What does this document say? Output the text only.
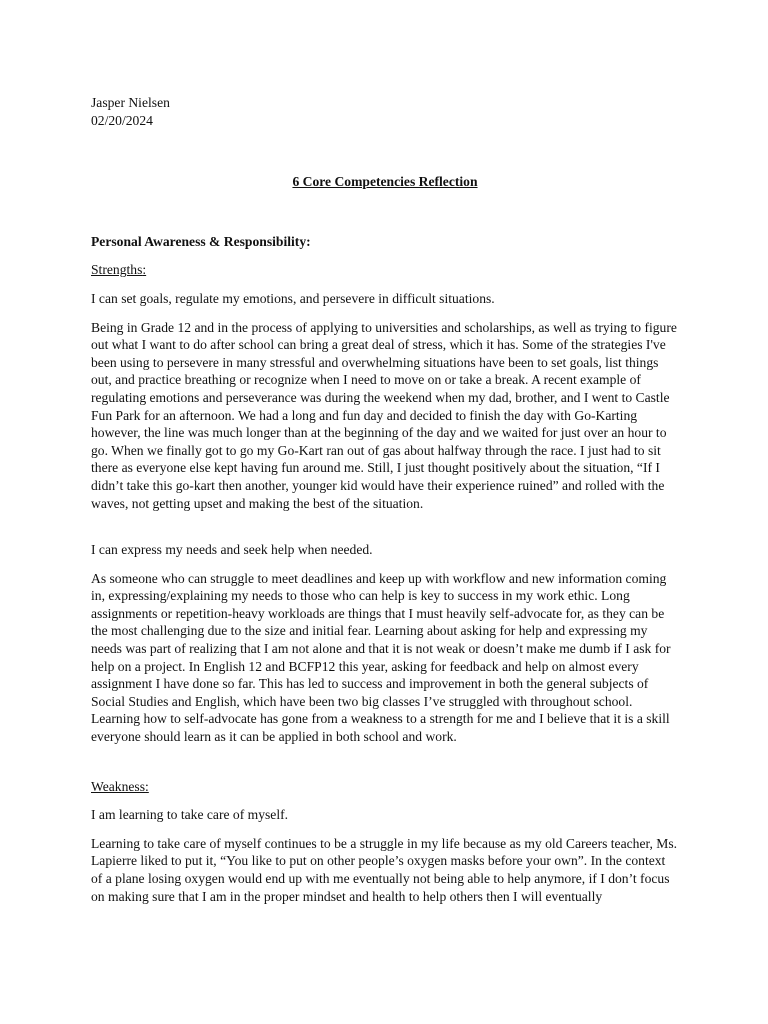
Jasper Nielsen

02/20/2024

6 Core Competencies Reflection

Personal Awareness & Responsibility:

Strengths:

I can set goals, regulate my emotions, and persevere in difficult situations.

Being in Grade 12 and in the process of applying to universities and scholarships, as well as trying to figure out what I want to do after school can bring a great deal of stress, which it has. Some of the strategies I've been using to persevere in many stressful and overwhelming situations have been to set goals, list things out, and practice breathing or recognize when I need to move on or take a break. A recent example of regulating emotions and perseverance was during the weekend when my dad, brother, and I went to Castle Fun Park for an afternoon. We had a long and fun day and decided to finish the day with Go-Karting however, the line was much longer than at the beginning of the day and we waited for just over an hour to go. When we finally got to go my Go-Kart ran out of gas about halfway through the race. I just had to sit there as everyone else kept having fun around me. Still, I just thought positively about the situation, “If I didn’t take this go-kart then another, younger kid would have their experience ruined” and rolled with the waves, not getting upset and making the best of the situation.

I can express my needs and seek help when needed.

As someone who can struggle to meet deadlines and keep up with workflow and new information coming in, expressing/explaining my needs to those who can help is key to success in my work ethic. Long assignments or repetition-heavy workloads are things that I must heavily self-advocate for, as they can be the most challenging due to the size and initial fear. Learning about asking for help and expressing my needs was part of realizing that I am not alone and that it is not weak or doesn’t make me dumb if I ask for help on a project. In English 12 and BCFP12 this year, asking for feedback and help on almost every assignment I have done so far. This has led to success and improvement in both the general subjects of Social Studies and English, which have been two big classes I’ve struggled with throughout school. Learning how to self-advocate has gone from a weakness to a strength for me and I believe that it is a skill everyone should learn as it can be applied in both school and work.

Weakness:

I am learning to take care of myself.

Learning to take care of myself continues to be a struggle in my life because as my old Careers teacher, Ms. Lapierre liked to put it, “You like to put on other people’s oxygen masks before your own”. In the context of a plane losing oxygen would end up with me eventually not being able to help anymore, if I don’t focus on making sure that I am in the proper mindset and health to help others then I will eventually
